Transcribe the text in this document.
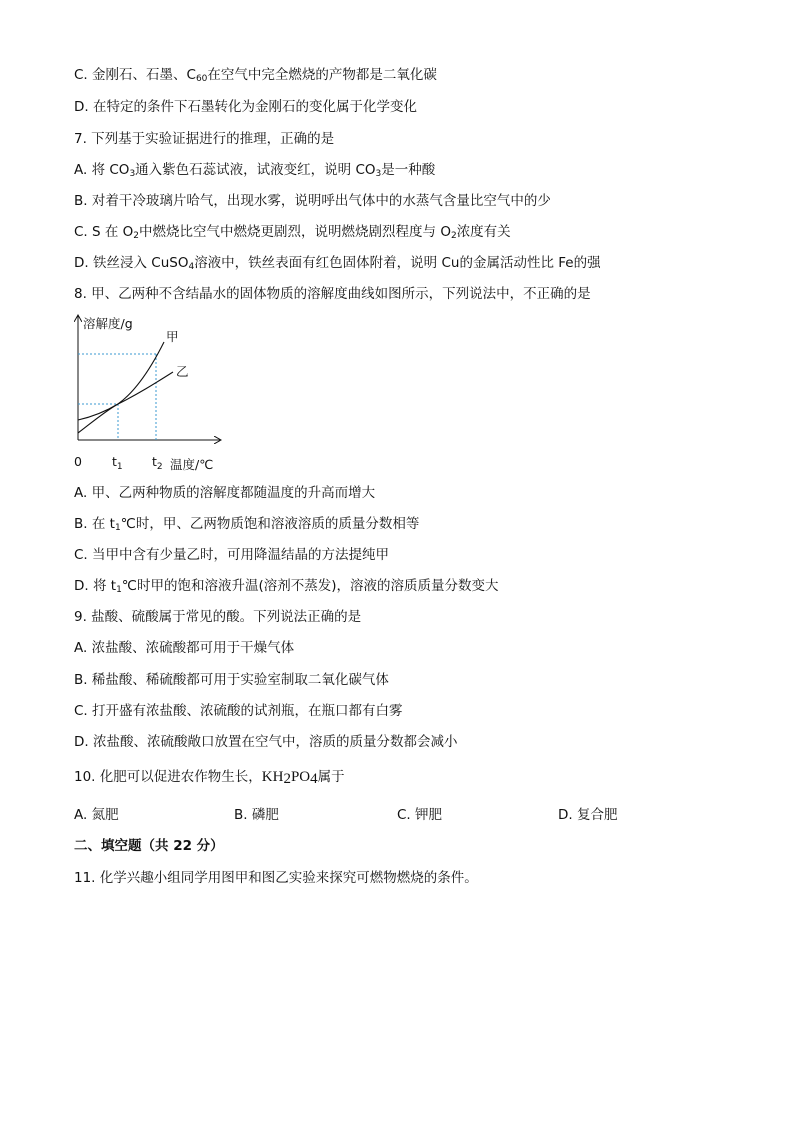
C. 金刚石、石墨、$C_{60}$在空气中完全燃烧的产物都是二氧化碳
D. 在特定的条件下石墨转化为金刚石的变化属于化学变化
7. 下列基于实验证据进行的推理，正确的是
A. 将 $CO_3$通入紫色石蕊试液，试液变红，说明 $CO_3$是一种酸
B. 对着干冷玻璃片哈气，出现水雾，说明呼出气体中的水蒸气含量比空气中的少
C. S 在 $O_2$中燃烧比空气中燃烧更剧烈，说明燃烧剧烈程度与 $O_2$浓度有关
D. 铁丝浸入 CuSO$_4$溶液中，铁丝表面有红色固体附着，说明 Cu的金属活动性比 Fe的强
8. 甲、乙两种不含结晶水的固体物质的溶解度曲线如图所示，下列说法中，不正确的是
溶解度/g
甲
乙
0 $t_1$ $t_2$ 温度/℃
A. 甲、乙两种物质的溶解度都随温度的升高而增大
B. 在 $t_1℃$时，甲、乙两物质饱和溶液溶质的质量分数相等
C. 当甲中含有少量乙时，可用降温结晶的方法提纯甲
D. 将 $t_1℃$时甲的饱和溶液升温(溶剂不蒸发)，溶液的溶质质量分数变大
9. 盐酸、硫酸属于常见的酸。下列说法正确的是
A. 浓盐酸、浓硫酸都可用于干燥气体
B. 稀盐酸、稀硫酸都可用于实验室制取二氧化碳气体
C. 打开盛有浓盐酸、浓硫酸的试剂瓶，在瓶口都有白雾
D. 浓盐酸、浓硫酸敞口放置在空气中，溶质的质量分数都会减小
10. 化肥可以促进农作物生长，$KH_2PO_4$属于
A. 氮肥	B. 磷肥	C. 钾肥	D. 复合肥
二、填空题（共 22 分）
11. 化学兴趣小组同学用图甲和图乙实验来探究可燃物燃烧的条件。
